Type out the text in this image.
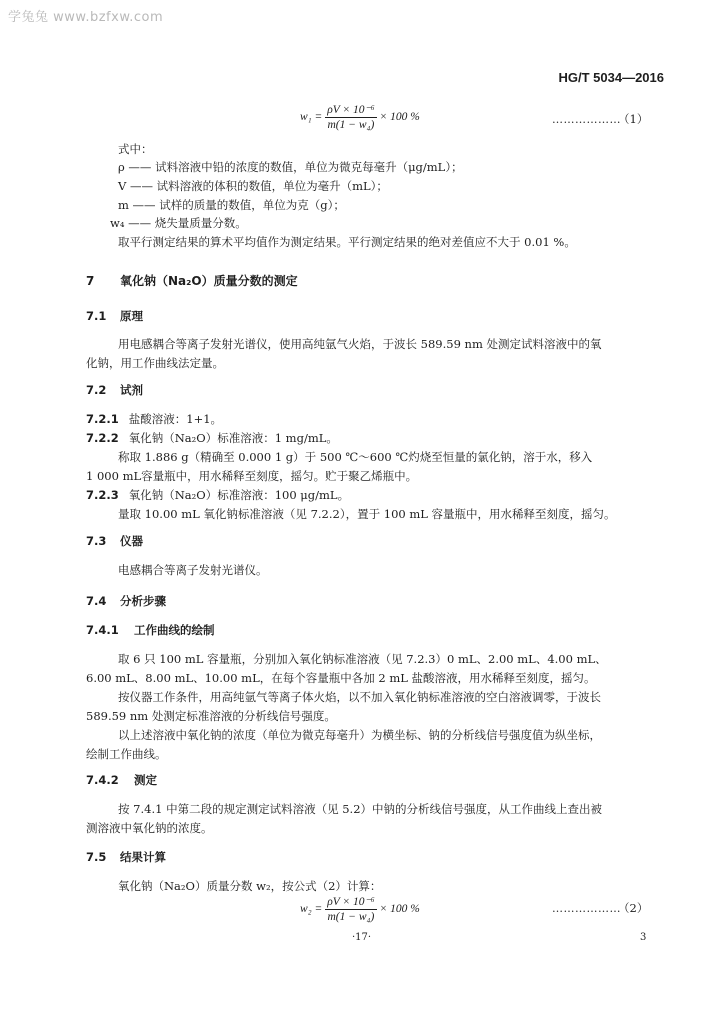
学兔兔 www.bzfxw.com
HG/T 5034—2016
$w_1 = \frac{\text{ρV × 10⁻⁶}}{\text{m(1 − w₄)}} \times 100$ %	………………
（1）
式中：
ρ —— 试料溶液中铅的浓度的数值，单位为微克每毫升（μg/mL）；
V —— 试料溶液的体积的数值，单位为毫升（mL）；
m —— 试样的质量的数值，单位为克（g）；
w₄ —— 烧失量质量分数。
取平行测定结果的算术平均值作为测定结果。平行测定结果的绝对差值应不大于 0.01 %。
7 氧化钠（Na₂O）质量分数的测定
7.1 原理
用电感耦合等离子发射光谱仪，使用高纯氩气火焰，于波长 589.59 nm 处测定试料溶液中的氧
化钠，用工作曲线法定量。
7.2 试剂
7.2.1 盐酸溶液：1+1。
7.2.2 氧化钠（Na₂O）标准溶液：1 mg/mL。
称取 1.886 g（精确至 0.000 1 g）于 500 ℃～600 ℃灼烧至恒量的氯化钠，溶于水，移入
1 000 mL容量瓶中，用水稀释至刻度，摇匀。贮于聚乙烯瓶中。
7.2.3 氧化钠（Na₂O）标准溶液：100 μg/mL。
量取 10.00 mL 氧化钠标准溶液（见 7.2.2），置于 100 mL 容量瓶中，用水稀释至刻度，摇匀。
7.3 仪器
电感耦合等离子发射光谱仪。
7.4 分析步骤
7.4.1 工作曲线的绘制
取 6 只 100 mL 容量瓶，分别加入氧化钠标准溶液（见 7.2.3）0 mL、2.00 mL、4.00 mL、
6.00 mL、8.00 mL、10.00 mL，在每个容量瓶中各加 2 mL 盐酸溶液，用水稀释至刻度，摇匀。
按仪器工作条件，用高纯氩气等离子体火焰，以不加入氧化钠标准溶液的空白溶液调零，于波长
589.59 nm 处测定标准溶液的分析线信号强度。
以上述溶液中氧化钠的浓度（单位为微克每毫升）为横坐标、钠的分析线信号强度值为纵坐标，
绘制工作曲线。
7.4.2 测定
按 7.4.1 中第二段的规定测定试料溶液（见 5.2）中钠的分析线信号强度，从工作曲线上查出被
测溶液中氧化钠的浓度。
7.5 结果计算
氧化钠（Na₂O）质量分数 w₂，按公式（2）计算：
$w_2 = \frac{\text{ρV × 10⁻⁶}}{\text{m(1 − w₄)}} \times 100$ %	………………
（2）
·17·	3
